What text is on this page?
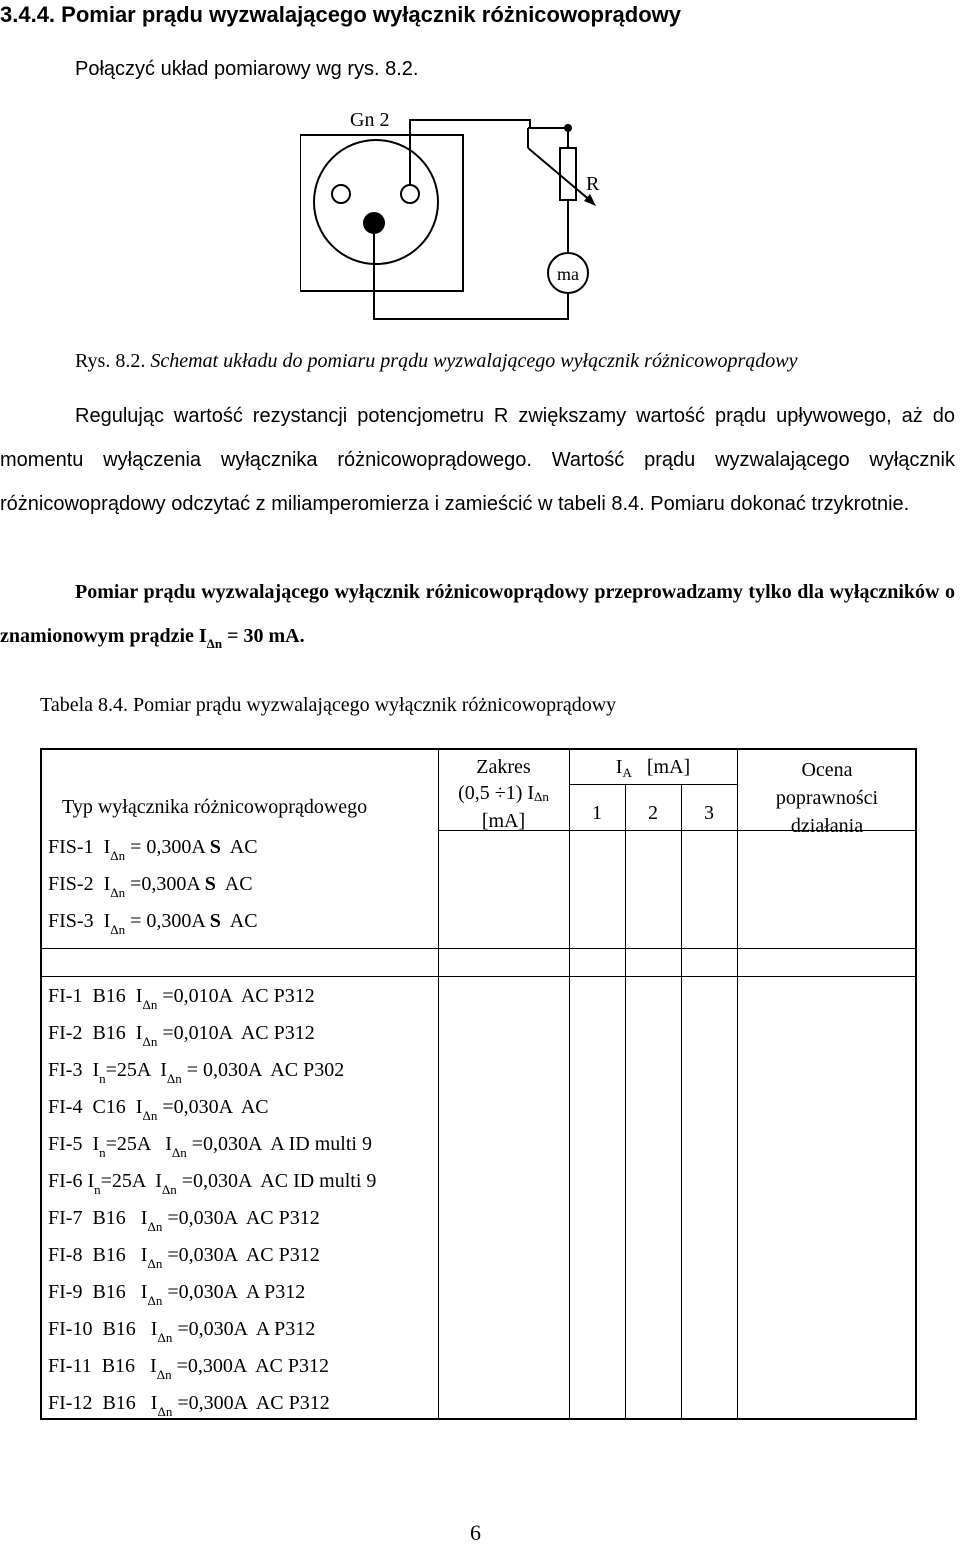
3.4.4. Pomiar prądu wyzwalającego wyłącznik różnicowoprądowy
Połączyć układ pomiarowy wg rys. 8.2.
Gn 2
R
ma
Rys. 8.2. Schemat układu do pomiaru prądu wyzwalającego wyłącznik różnicowoprądowy
Regulując wartość rezystancji potencjometru R zwiększamy wartość prądu upływowego, aż do momentu wyłączenia wyłącznika różnicowoprądowego. Wartość prądu wyzwalającego wyłącznik różnicowoprądowy odczytać z miliamperomierza i zamieścić w tabeli 8.4. Pomiaru dokonać trzykrotnie.
Pomiar prądu wyzwalającego wyłącznik różnicowoprądowy przeprowadzamy tylko dla wyłączników o znamionowym prądzie $I_{\Delta n} = 30$ mA.
Tabela 8.4. Pomiar prądu wyzwalającego wyłącznik różnicowoprądowy
Typ wyłącznika różnicowoprądowego
Zakres
(0,5 ÷1) IΔn
[mA]
$I_A$ [mA]
1	2	3
Ocena
poprawności
działania
FIS-1  $I_{\Delta n} = 0,300A$ S  AC
FIS-2  $I_{\Delta n} =0,300A$ S  AC
FIS-3  $I_{\Delta n} = 0,300A$ S  AC
FI-1  B16  $I_{\Delta n} =0,010A$  AC P312
FI-2  B16  $I_{\Delta n} =0,010A$  AC P312
FI-3  $I_n=25A$  $I_{\Delta n} = 0,030A$  AC P302
FI-4  C16  $I_{\Delta n} =0,030A$  AC
FI-5  $I_n=25A$   $I_{\Delta n} =0,030A$  A ID multi 9
FI-6 $I_n=25A$  $I_{\Delta n} =0,030A$  AC ID multi 9
FI-7  B16   $I_{\Delta n} =0,030A$  AC P312
FI-8  B16   $I_{\Delta n} =0,030A$  AC P312
FI-9  B16   $I_{\Delta n} =0,030A$  A P312
FI-10  B16   $I_{\Delta n} =0,030A$  A P312
FI-11  B16   $I_{\Delta n} =0,300A$  AC P312
FI-12  B16   $I_{\Delta n} =0,300A$  AC P312
6
